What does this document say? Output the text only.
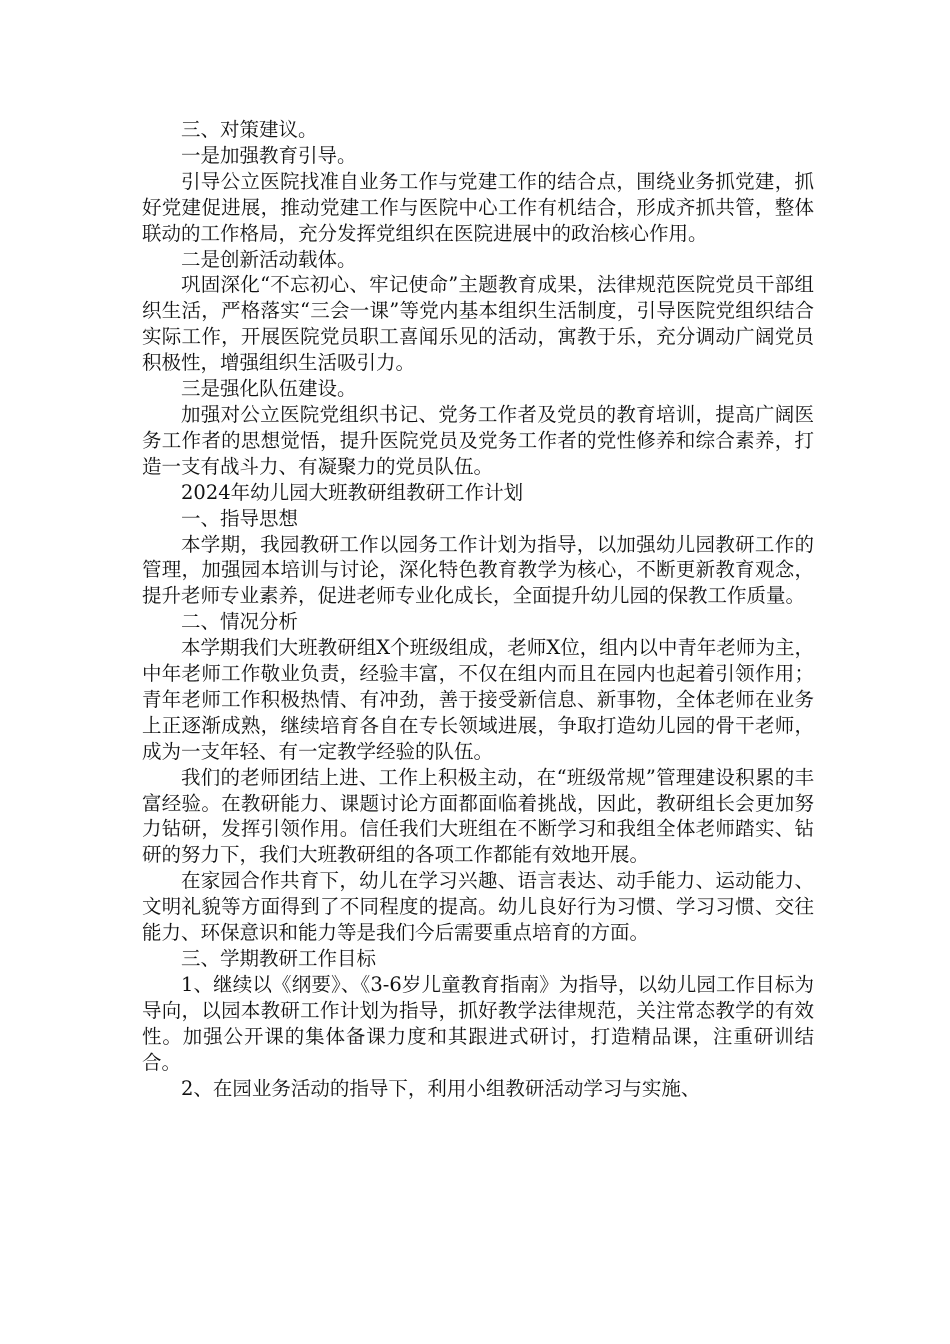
三、对策建议。

一是加强教育引导。

引导公立医院找准自业务工作与党建工作的结合点，围绕业务抓党建，抓好党建促进展，推动党建工作与医院中心工作有机结合，形成齐抓共管，整体联动的工作格局，充分发挥党组织在医院进展中的政治核心作用。

二是创新活动载体。

巩固深化“不忘初心、牢记使命”主题教育成果，法律规范医院党员干部组织生活，严格落实“三会一课”等党内基本组织生活制度，引导医院党组织结合实际工作，开展医院党员职工喜闻乐见的活动，寓教于乐，充分调动广阔党员积极性，增强组织生活吸引力。

三是强化队伍建设。

加强对公立医院党组织书记、党务工作者及党员的教育培训，提高广阔医务工作者的思想觉悟，提升医院党员及党务工作者的党性修养和综合素养，打造一支有战斗力、有凝聚力的党员队伍。

2024年幼儿园大班教研组教研工作计划

一、指导思想

本学期，我园教研工作以园务工作计划为指导，以加强幼儿园教研工作的管理，加强园本培训与讨论，深化特色教育教学为核心，不断更新教育观念，提升老师专业素养，促进老师专业化成长，全面提升幼儿园的保教工作质量。

二、情况分析

本学期我们大班教研组X个班级组成，老师X位，组内以中青年老师为主，中年老师工作敬业负责，经验丰富，不仅在组内而且在园内也起着引领作用；青年老师工作积极热情、有冲劲，善于接受新信息、新事物，全体老师在业务上正逐渐成熟，继续培育各自在专长领域进展，争取打造幼儿园的骨干老师，成为一支年轻、有一定教学经验的队伍。

我们的老师团结上进、工作上积极主动，在“班级常规”管理建设积累的丰富经验。在教研能力、课题讨论方面都面临着挑战，因此，教研组长会更加努力钻研，发挥引领作用。信任我们大班组在不断学习和我组全体老师踏实、钻研的努力下，我们大班教研组的各项工作都能有效地开展。

在家园合作共育下，幼儿在学习兴趣、语言表达、动手能力、运动能力、文明礼貌等方面得到了不同程度的提高。幼儿良好行为习惯、学习习惯、交往能力、环保意识和能力等是我们今后需要重点培育的方面。

三、学期教研工作目标

1、继续以《纲要》、《3-6岁儿童教育指南》为指导，以幼儿园工作目标为导向，以园本教研工作计划为指导，抓好教学法律规范，关注常态教学的有效性。加强公开课的集体备课力度和其跟进式研讨，打造精品课，注重研训结合。

2、在园业务活动的指导下，利用小组教研活动学习与实施、
